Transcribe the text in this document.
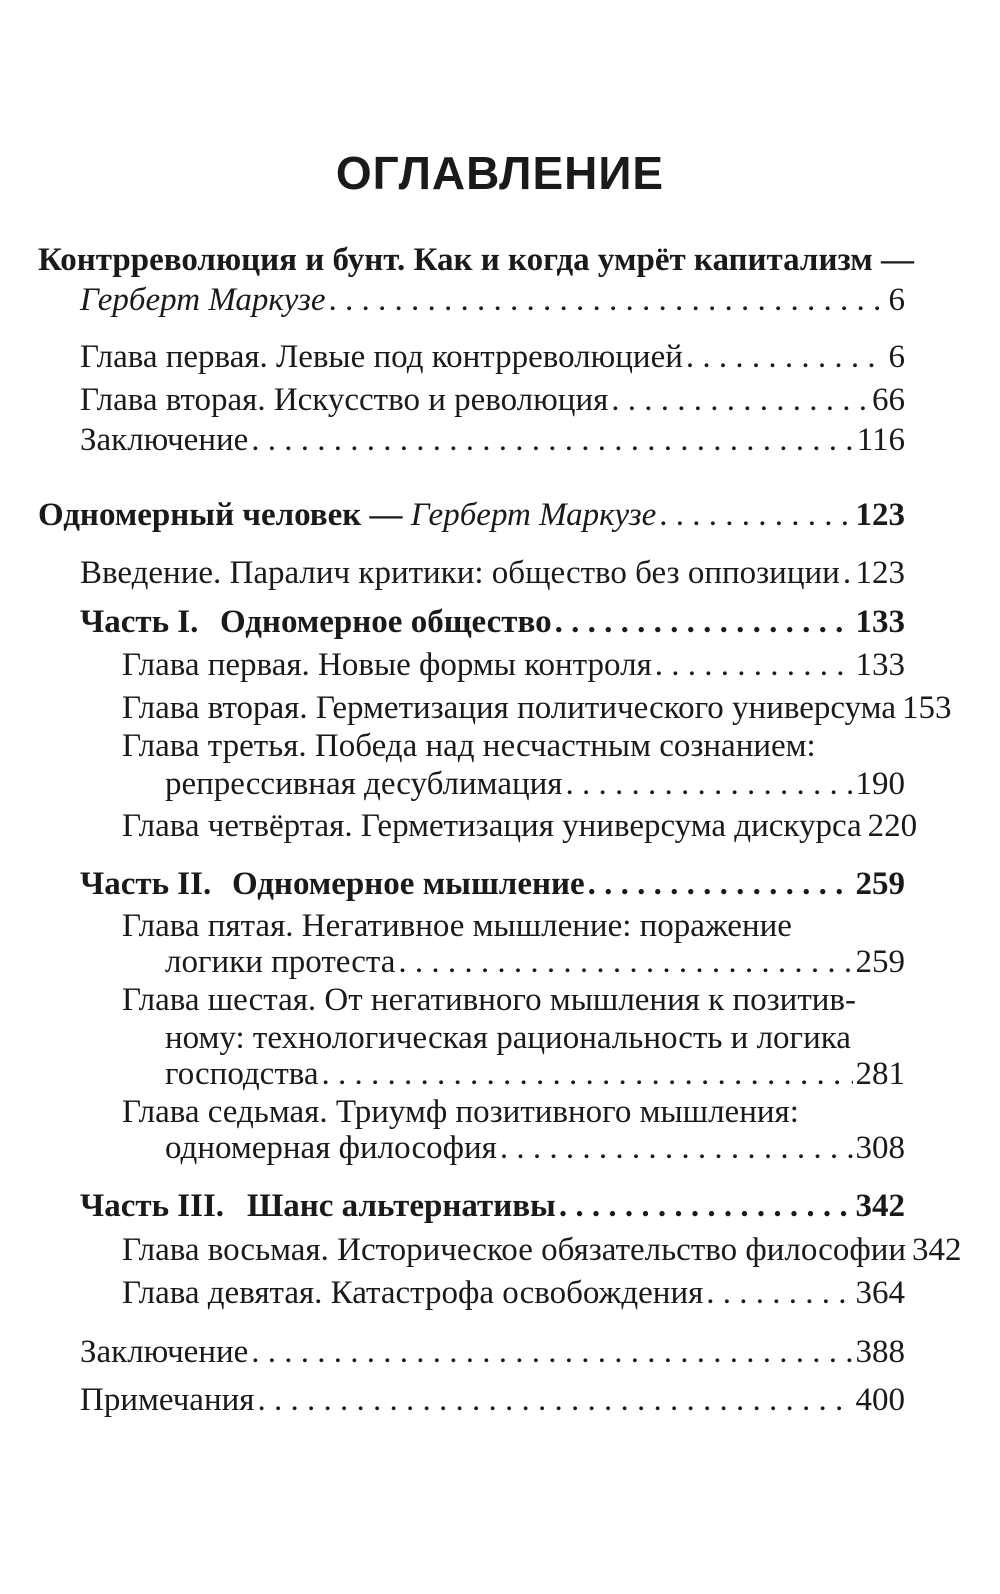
ОГЛАВЛЕНИЕ
Контрреволюция и бунт. Как и когда умрёт капитализм —
Герберт Маркузе . . .	6
Глава первая. Левые под контрреволюцией . . .	6
Глава вторая. Искусство и революция . . .	66
Заключение . . .	116
Одномерный человек — Герберт Маркузе . . .	123
Введение. Паралич критики: общество без оппозиции . . . 123
Часть I. Одномерное общество . . .	133
Глава первая. Новые формы контроля . . .	133
Глава вторая. Герметизация политического универсума 153
Глава третья. Победа над несчастным сознанием:
репрессивная десублимация . . .	190
Глава четвёртая. Герметизация универсума дискурса 220
Часть II. Одномерное мышление . . .	259
Глава пятая. Негативное мышление: поражение
логики протеста . . .	259
Глава шестая. От негативного мышления к позитив-
ному: технологическая рациональность и логика
господства . . .	281
Глава седьмая. Триумф позитивного мышления:
одномерная философия . . .	308
Часть III. Шанс альтернативы . . .	342
Глава восьмая. Историческое обязательство философии 342
Глава девятая. Катастрофа освобождения . . .	364
Заключение . . .	388
Примечания . . .	400
